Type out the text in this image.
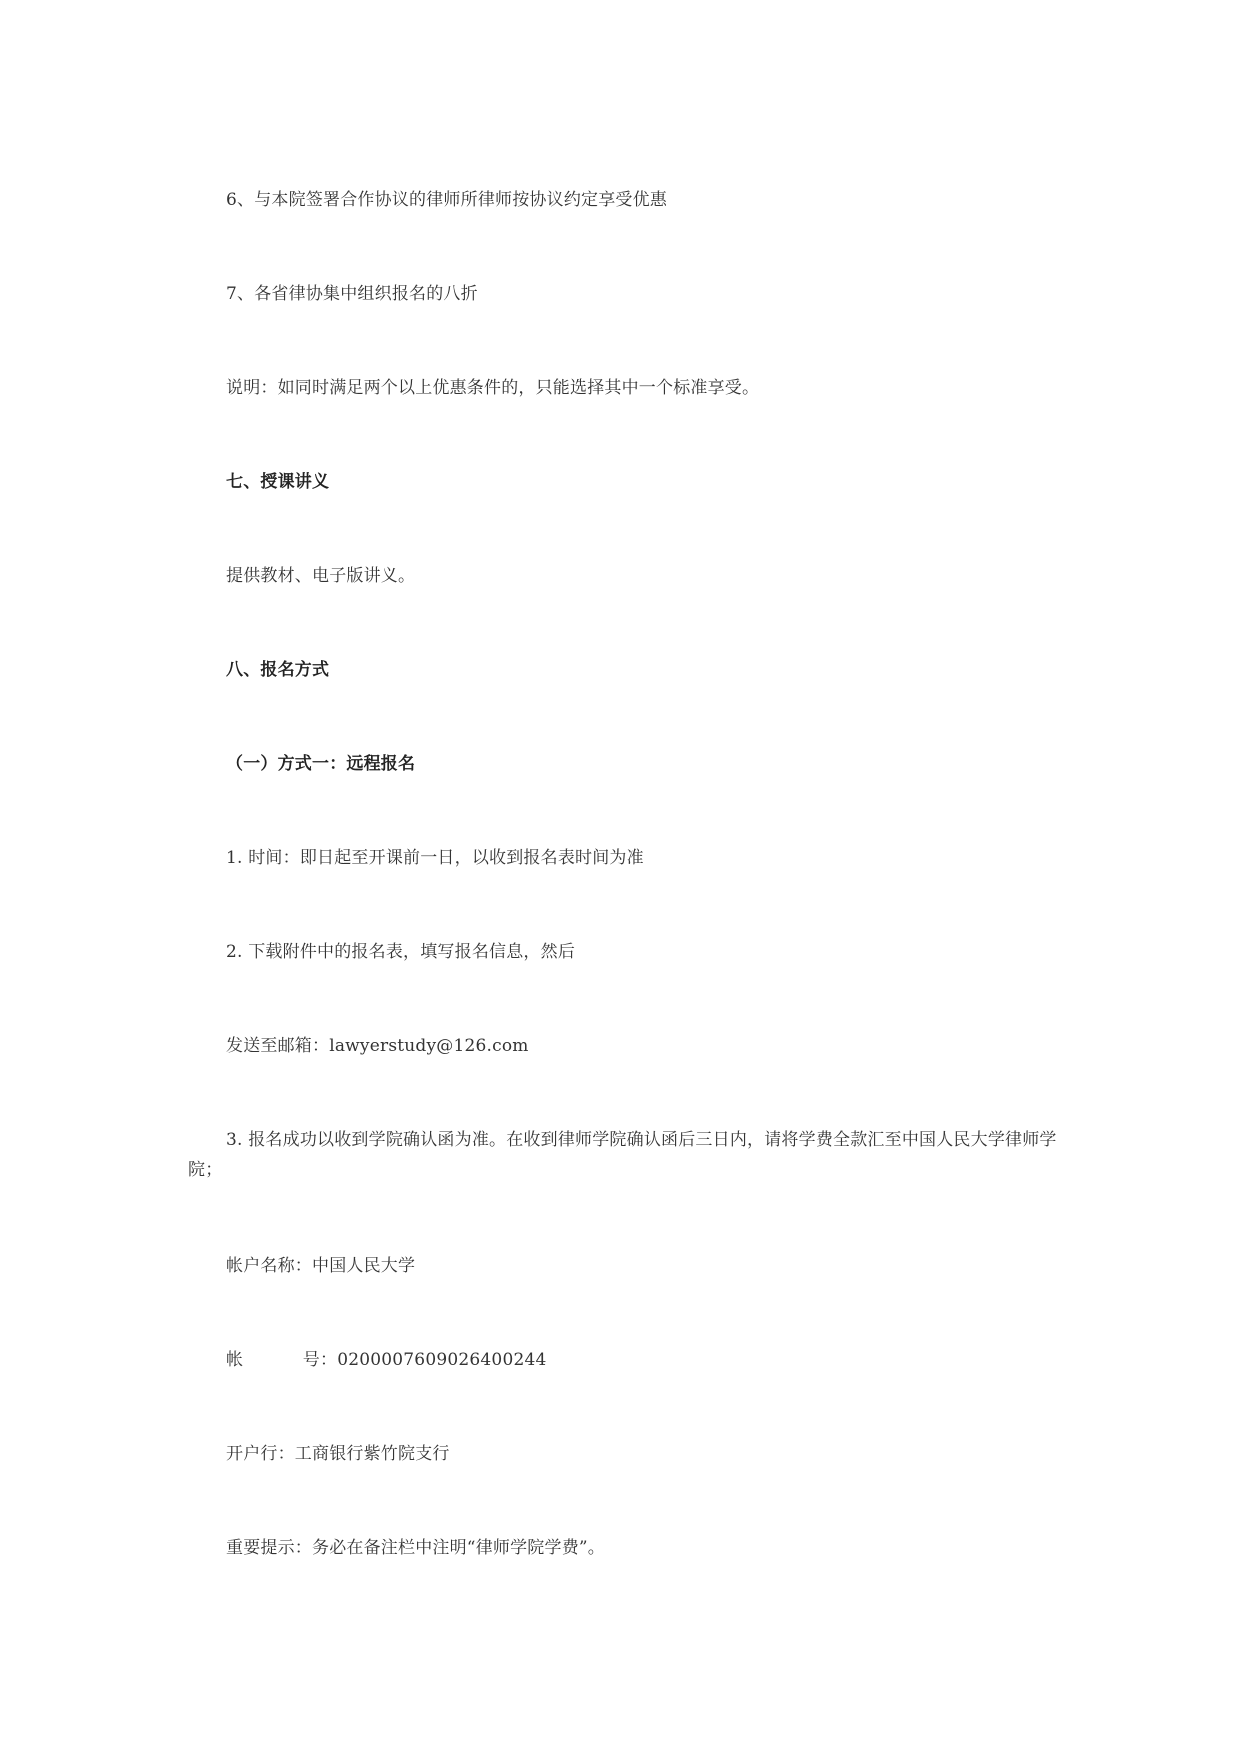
6、与本院签署合作协议的律师所律师按协议约定享受优惠

7、各省律协集中组织报名的八折

说明：如同时满足两个以上优惠条件的，只能选择其中一个标准享受。

七、授课讲义

提供教材、电子版讲义。

八、报名方式

（一）方式一：远程报名

1. 时间：即日起至开课前一日，以收到报名表时间为准

2. 下载附件中的报名表，填写报名信息，然后

发送至邮箱：lawyerstudy@126.com

3. 报名成功以收到学院确认函为准。在收到律师学院确认函后三日内，请将学费全款汇至中国人民大学律师学院；

帐户名称：中国人民大学

帐 号：0200007609026400244

开户行：工商银行紫竹院支行

重要提示：务必在备注栏中注明“律师学院学费”。
